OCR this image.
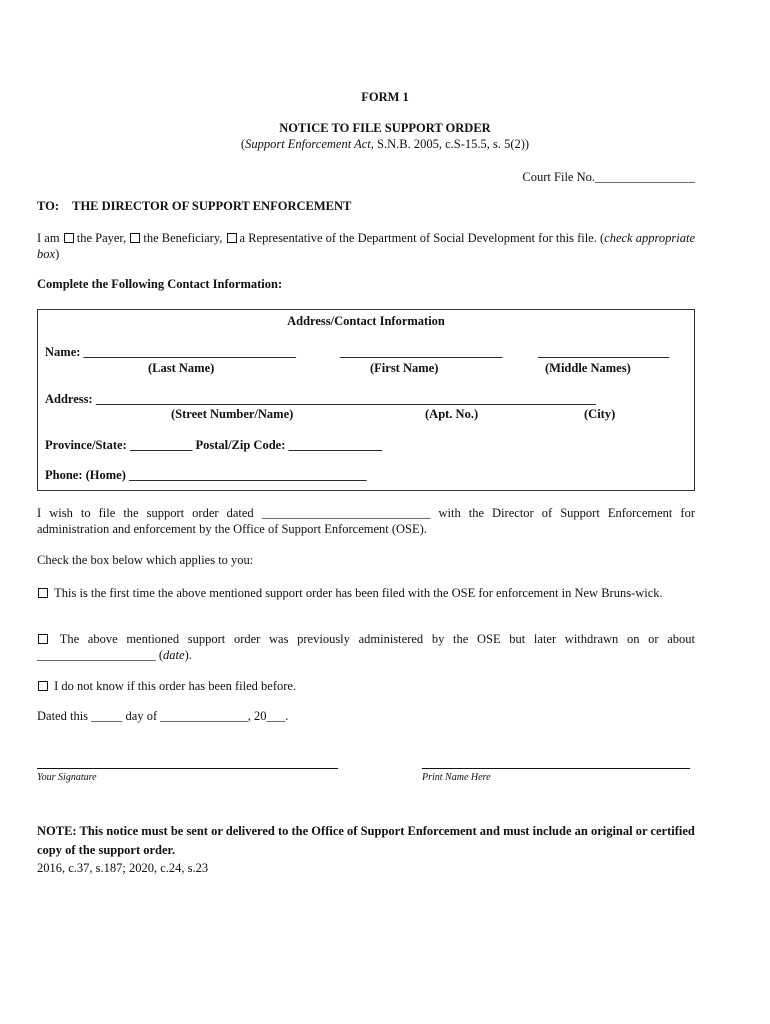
FORM 1
NOTICE TO FILE SUPPORT ORDER
(Support Enforcement Act, S.N.B. 2005, c.S-15.5, s. 5(2))
Court File No.________________
TO: THE DIRECTOR OF SUPPORT ENFORCEMENT
I am the Payer, the Beneficiary, a Representative of the Department of Social Development for this file. (check appropriate box)
Complete the Following Contact Information:
Address/Contact Information
Name: __________________________________	__________________________	_____________________
(Last Name)	(First Name)	(Middle Names)
Address: ________________________________________________________________________________
(Street Number/Name)	(Apt. No.)	(City)
Province/State: __________ Postal/Zip Code: _______________
Phone: (Home) ______________________________________
I wish to file the support order dated ___________________________ with the Director of Support Enforcement for administration and enforcement by the Office of Support Enforcement (OSE).
Check the box below which applies to you:
This is the first time the above mentioned support order has been filed with the OSE for enforcement in New Bruns-wick.
The above mentioned support order was previously administered by the OSE but later withdrawn on or about ___________________ (date).
I do not know if this order has been filed before.
Dated this _____ day of ______________, 20___.
Your Signature	Print Name Here
NOTE: This notice must be sent or delivered to the Office of Support Enforcement and must include an original or certified copy of the support order.
2016, c.37, s.187; 2020, c.24, s.23
